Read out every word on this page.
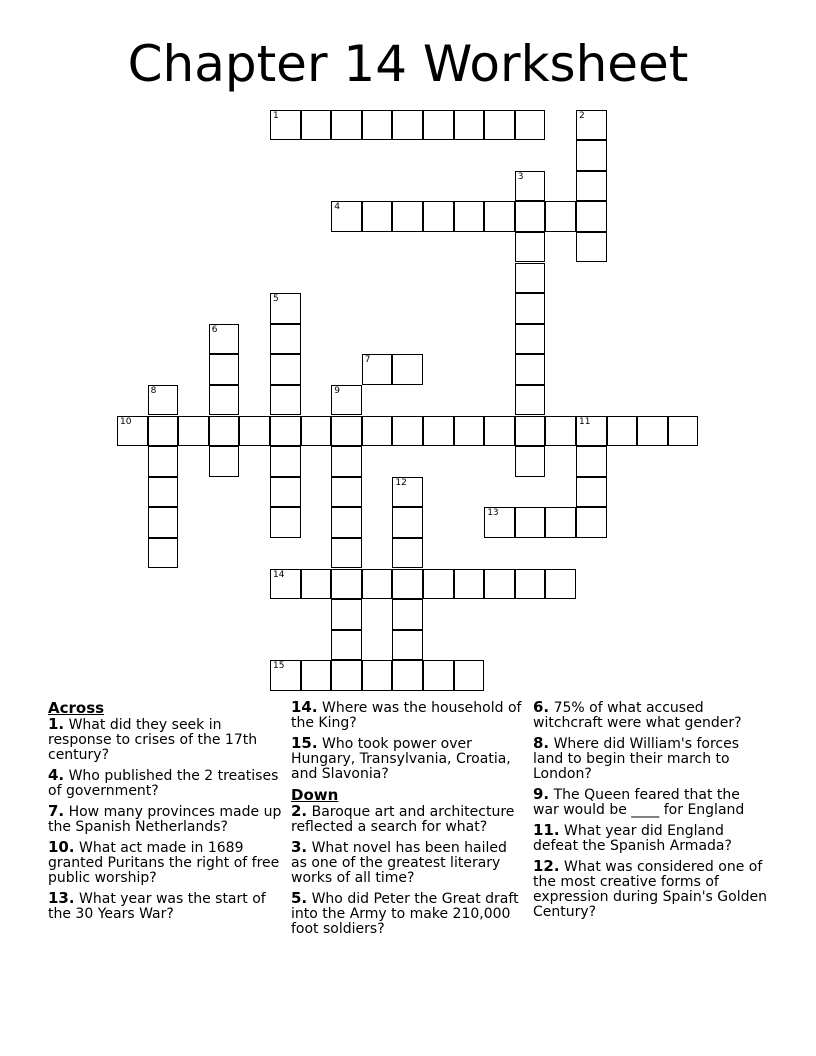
Chapter 14 Worksheet
1	2
3
4
5
6
7
8	9
10	11
12
13
14
15
Across
1. What did they seek in response to crises of the 17th century?
4. Who published the 2 treatises of government?
7. How many provinces made up the Spanish Netherlands?
10. What act made in 1689 granted Puritans the right of free public worship?
13. What year was the start of the 30 Years War?
14. Where was the household of the King?
15. Who took power over Hungary, Transylvania, Croatia, and Slavonia?
Down
2. Baroque art and architecture reflected a search for what?
3. What novel has been hailed as one of the greatest literary works of all time?
5. Who did Peter the Great draft into the Army to make 210,000 foot soldiers?
6. 75% of what accused witchcraft were what gender?
8. Where did William's forces land to begin their march to London?
9. The Queen feared that the war would be ____ for England
11. What year did England defeat the Spanish Armada?
12. What was considered one of the most creative forms of expression during Spain's Golden Century?
